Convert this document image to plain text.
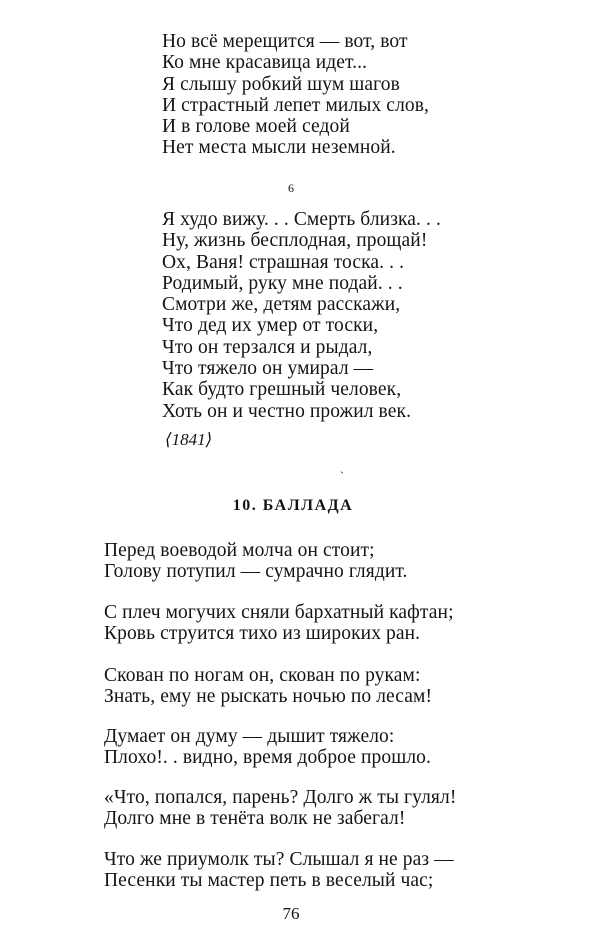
Но всё мерещится — вот, вот
Ко мне красавица идет...
Я слышу робкий шум шагов
И страстный лепет милых слов,
И в голове моей седой
Нет места мысли неземной.
6
Я худо вижу. . . Смерть близка. . .
Ну, жизнь бесплодная, прощай!
Ох, Ваня! страшная тоска. . .
Родимый, руку мне подай. . .
Смотри же, детям расскажи,
Что дед их умер от тоски,
Что он терзался и рыдал,
Что тяжело он умирал —
Как будто грешный человек,
Хоть он и честно прожил век.
⟨1841⟩
`
10. БАЛЛАДА
Перед воеводой молча он стоит;
Голову потупил — сумрачно глядит.
С плеч могучих сняли бархатный кафтан;
Кровь струится тихо из широких ран.
Скован по ногам он, скован по рукам:
Знать, ему не рыскать ночью по лесам!
Думает он думу — дышит тяжело:
Плохо!. . видно, время доброе прошло.
«Что, попался, парень? Долго ж ты гулял!
Долго мне в тенёта волк не забегал!
Что же приумолк ты? Слышал я не раз —
Песенки ты мастер петь в веселый час;
76
